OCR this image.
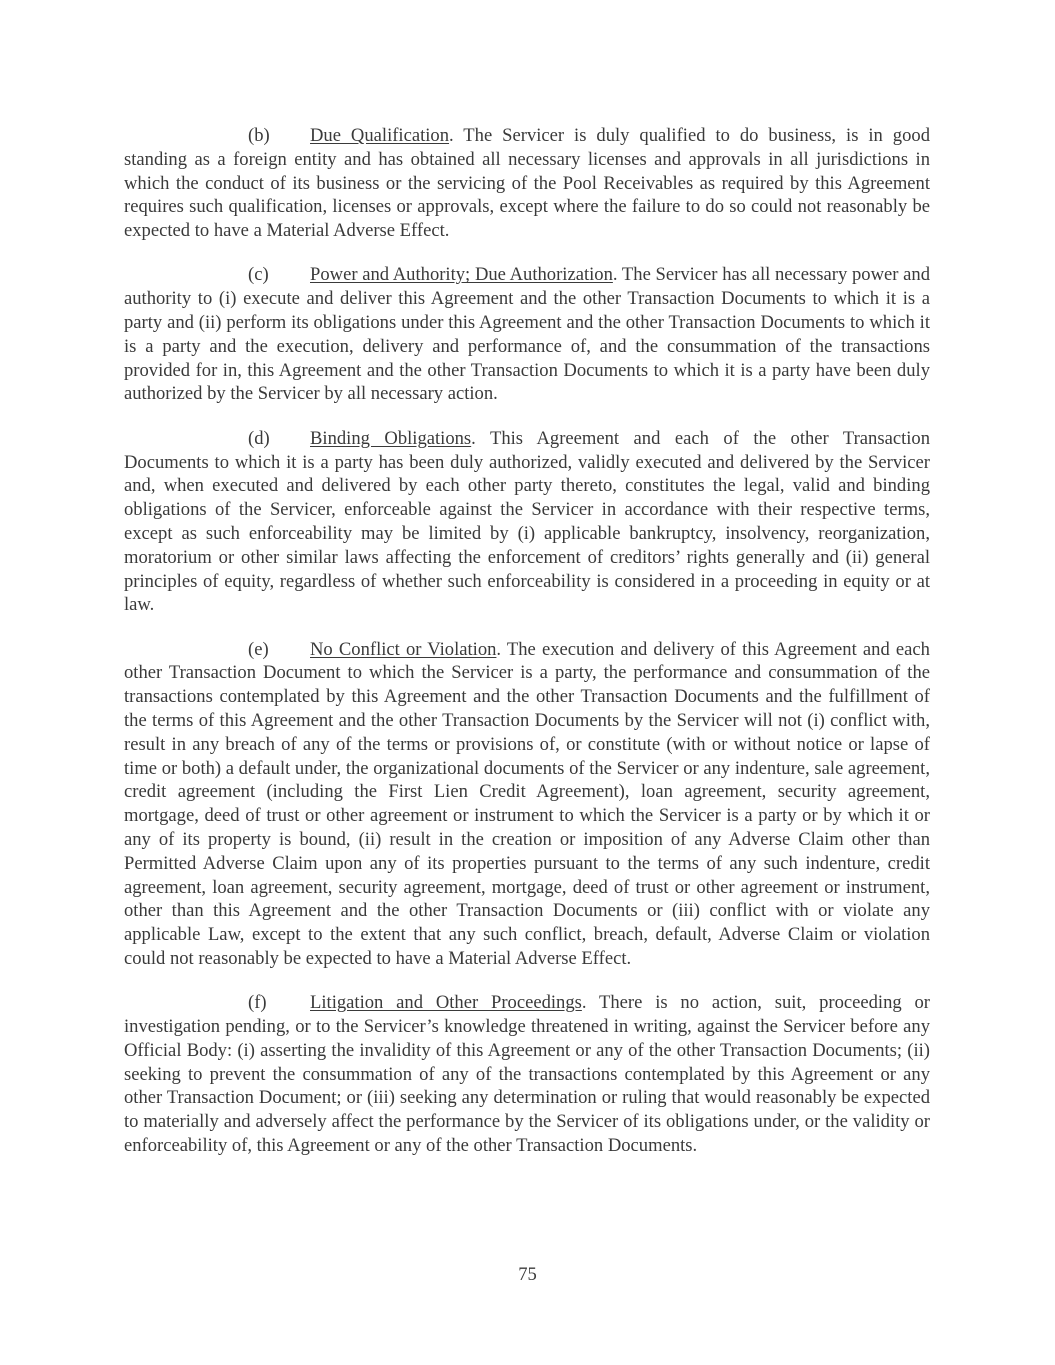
(b) Due Qualification. The Servicer is duly qualified to do business, is in good standing as a foreign entity and has obtained all necessary licenses and approvals in all jurisdictions in which the conduct of its business or the servicing of the Pool Receivables as required by this Agreement requires such qualification, licenses or approvals, except where the failure to do so could not reasonably be expected to have a Material Adverse Effect.

(c) Power and Authority; Due Authorization. The Servicer has all necessary power and authority to (i) execute and deliver this Agreement and the other Transaction Documents to which it is a party and (ii) perform its obligations under this Agreement and the other Transaction Documents to which it is a party and the execution, delivery and performance of, and the consummation of the transactions provided for in, this Agreement and the other Transaction Documents to which it is a party have been duly authorized by the Servicer by all necessary action.

(d) Binding Obligations. This Agreement and each of the other Transaction Documents to which it is a party has been duly authorized, validly executed and delivered by the Servicer and, when executed and delivered by each other party thereto, constitutes the legal, valid and binding obligations of the Servicer, enforceable against the Servicer in accordance with their respective terms, except as such enforceability may be limited by (i) applicable bankruptcy, insolvency, reorganization, moratorium or other similar laws affecting the enforcement of creditors’ rights generally and (ii) general principles of equity, regardless of whether such enforceability is considered in a proceeding in equity or at law.

(e) No Conflict or Violation. The execution and delivery of this Agreement and each other Transaction Document to which the Servicer is a party, the performance and consummation of the transactions contemplated by this Agreement and the other Transaction Documents and the fulfillment of the terms of this Agreement and the other Transaction Documents by the Servicer will not (i) conflict with, result in any breach of any of the terms or provisions of, or constitute (with or without notice or lapse of time or both) a default under, the organizational documents of the Servicer or any indenture, sale agreement, credit agreement (including the First Lien Credit Agreement), loan agreement, security agreement, mortgage, deed of trust or other agreement or instrument to which the Servicer is a party or by which it or any of its property is bound, (ii) result in the creation or imposition of any Adverse Claim other than Permitted Adverse Claim upon any of its properties pursuant to the terms of any such indenture, credit agreement, loan agreement, security agreement, mortgage, deed of trust or other agreement or instrument, other than this Agreement and the other Transaction Documents or (iii) conflict with or violate any applicable Law, except to the extent that any such conflict, breach, default, Adverse Claim or violation could not reasonably be expected to have a Material Adverse Effect.

(f) Litigation and Other Proceedings. There is no action, suit, proceeding or investigation pending, or to the Servicer’s knowledge threatened in writing, against the Servicer before any Official Body: (i) asserting the invalidity of this Agreement or any of the other Transaction Documents; (ii) seeking to prevent the consummation of any of the transactions contemplated by this Agreement or any other Transaction Document; or (iii) seeking any determination or ruling that would reasonably be expected to materially and adversely affect the performance by the Servicer of its obligations under, or the validity or enforceability of, this Agreement or any of the other Transaction Documents.

75
